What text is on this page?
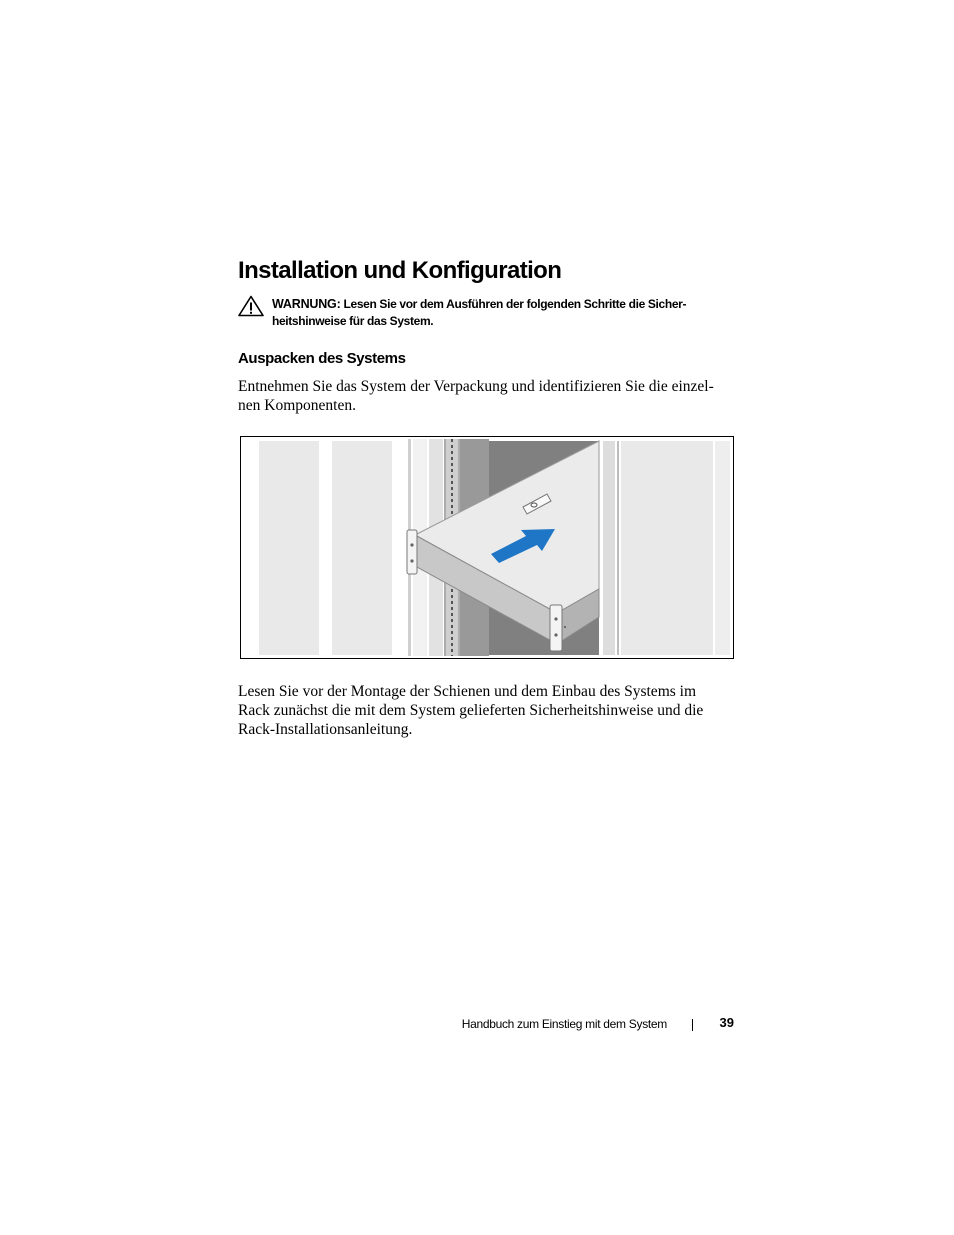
Installation und Konfiguration

WARNUNG: Lesen Sie vor dem Ausführen der folgenden Schritte die Sicher-
heitshinweise für das System.

Auspacken des Systems

Entnehmen Sie das System der Verpackung und identifizieren Sie die einzel-
nen Komponenten.

Lesen Sie vor der Montage der Schienen und dem Einbau des Systems im
Rack zunächst die mit dem System gelieferten Sicherheitshinweise und die
Rack-Installationsanleitung.

Handbuch zum Einstieg mit dem System	39
